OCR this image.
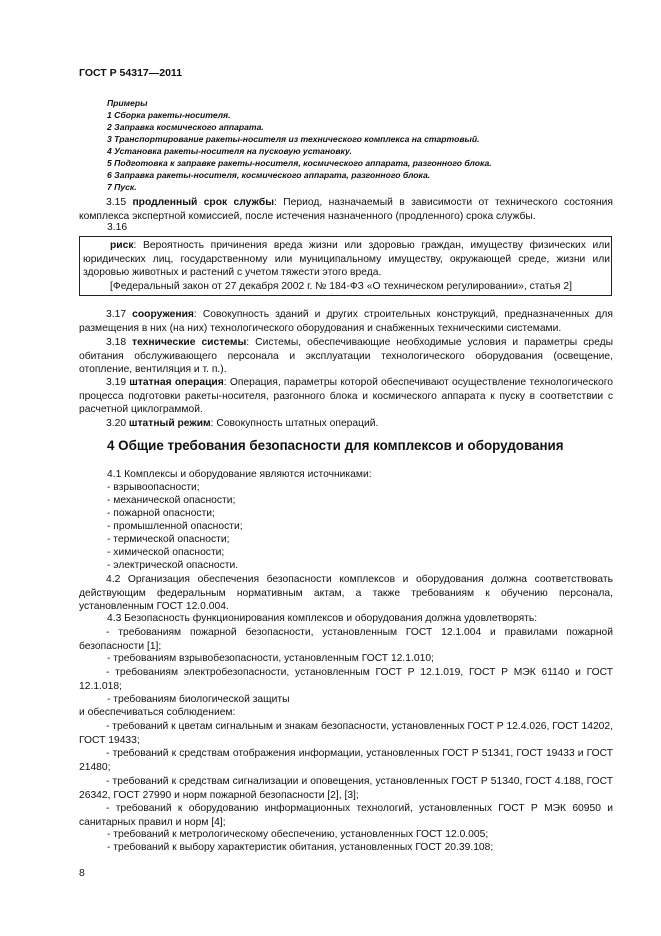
ГОСТ Р 54317—2011
Примеры
1 Сборка ракеты-носителя.
2 Заправка космического аппарата.
3 Транспортирование ракеты-носителя из технического комплекса на стартовый.
4 Установка ракеты-носителя на пусковую установку.
5 Подготовка к заправке ракеты-носителя, космического аппарата, разгонного блока.
6 Заправка ракеты-носителя, космического аппарата, разгонного блока.
7 Пуск.
3.15 продленный срок службы: Период, назначаемый в зависимости от технического состояния комплекса экспертной комиссией, после истечения назначенного (продленного) срока службы.
3.16
риск: Вероятность причинения вреда жизни или здоровью граждан, имуществу физических или юридических лиц, государственному или муниципальному имуществу, окружающей среде, жизни или здоровью животных и растений с учетом тяжести этого вреда.
[Федеральный закон от 27 декабря 2002 г. № 184-ФЗ «О техническом регулировании», статья 2]
3.17 сооружения: Совокупность зданий и других строительных конструкций, предназначенных для размещения в них (на них) технологического оборудования и снабженных техническими системами.
3.18 технические системы: Системы, обеспечивающие необходимые условия и параметры среды обитания обслуживающего персонала и эксплуатации технологического оборудования (освещение, отопление, вентиляция и т. п.).
3.19 штатная операция: Операция, параметры которой обеспечивают осуществление технологического процесса подготовки ракеты-носителя, разгонного блока и космического аппарата к пуску в соответствии с расчетной циклограммой.
3.20 штатный режим: Совокупность штатных операций.
4 Общие требования безопасности для комплексов и оборудования
4.1 Комплексы и оборудование являются источниками:
- взрывоопасности;
- механической опасности;
- пожарной опасности;
- промышленной опасности;
- термической опасности;
- химической опасности;
- электрической опасности.
4.2 Организация обеспечения безопасности комплексов и оборудования должна соответствовать действующим федеральным нормативным актам, а также требованиям к обучению персонала, установленным ГОСТ 12.0.004.
4.3 Безопасность функционирования комплексов и оборудования должна удовлетворять:
- требованиям пожарной безопасности, установленным ГОСТ 12.1.004 и правилами пожарной безопасности [1];
- требованиям взрывобезопасности, установленным ГОСТ 12.1.010;
- требованиям электробезопасности, установленным ГОСТ Р 12.1.019, ГОСТ Р МЭК 61140 и ГОСТ 12.1.018;
- требованиям биологической защиты
и обеспечиваться соблюдением:
- требований к цветам сигнальным и знакам безопасности, установленных ГОСТ Р 12.4.026, ГОСТ 14202, ГОСТ 19433;
- требований к средствам отображения информации, установленных ГОСТ Р 51341, ГОСТ 19433 и ГОСТ 21480;
- требований к средствам сигнализации и оповещения, установленных ГОСТ Р 51340, ГОСТ 4.188, ГОСТ 26342, ГОСТ 27990 и норм пожарной безопасности [2], [3];
- требований к оборудованию информационных технологий, установленных ГОСТ Р МЭК 60950 и санитарных правил и норм [4];
- требований к метрологическому обеспечению, установленных ГОСТ 12.0.005;
- требований к выбору характеристик обитания, установленных ГОСТ 20.39.108;
8
